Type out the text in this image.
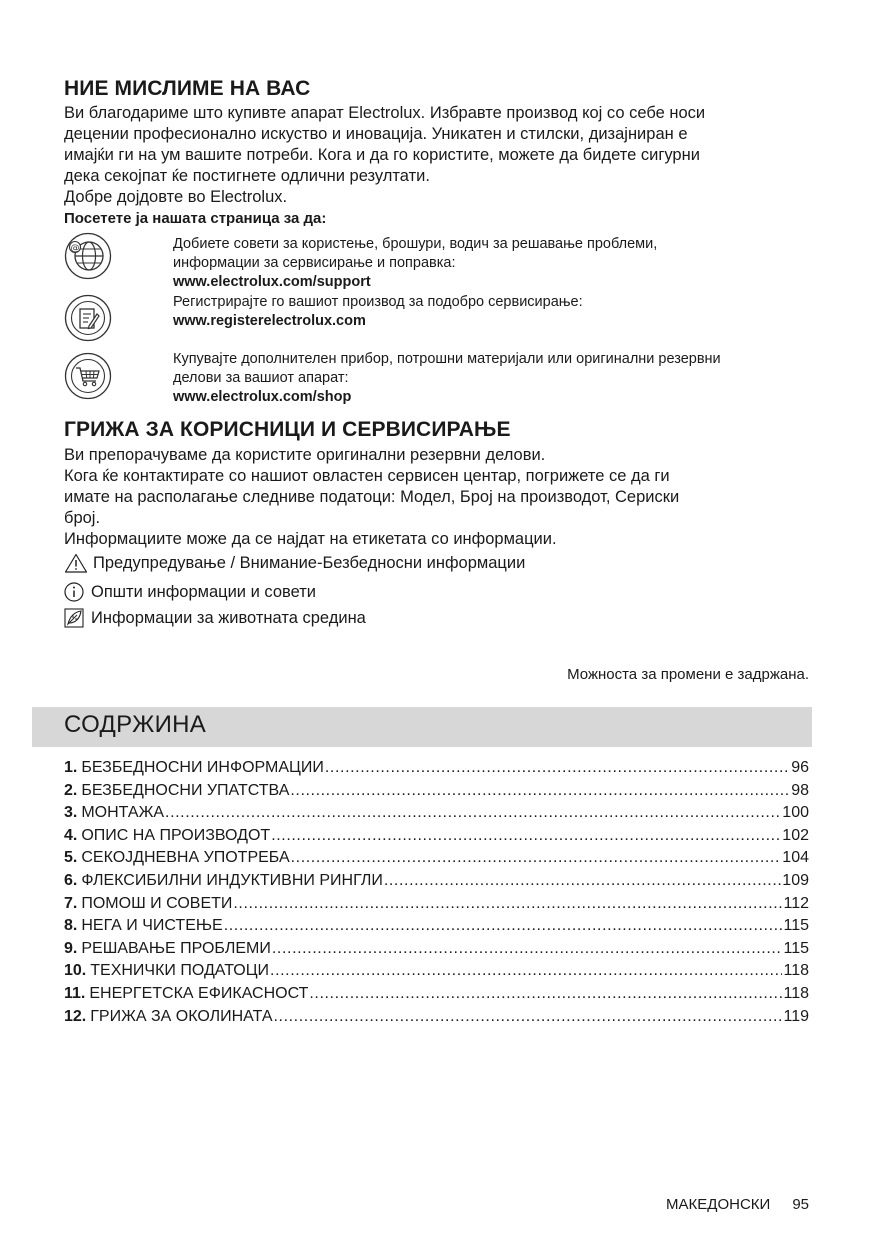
НИЕ МИСЛИМЕ НА ВАС

Ви благодариме што купивте апарат Electrolux. Избравте производ кој со себе носи

децении професионално искуство и иновација. Уникатен и стилски, дизајниран е

имајќи ги на ум вашите потреби. Кога и да го користите, можете да бидете сигурни

дека секојпат ќе постигнете одлични резултати.

Добре дојдовте во Electrolux.

Посетете ја нашата страница за да:

@	Добиете совети за користење, брошури, водич за решавање проблеми,

информации за сервисирање и поправка:

www.electrolux.com/support

Регистрирајте го вашиот производ за подобро сервисирање:

www.registerelectrolux.com

Купувајте дополнителен прибор, потрошни материјали или оригинални резервни

делови за вашиот апарат:

www.electrolux.com/shop

ГРИЖА ЗА КОРИСНИЦИ И СЕРВИСИРАЊЕ

Ви препорачуваме да користите оригинални резервни делови.

Кога ќе контактирате со нашиот овластен сервисен центар, погрижете се да ги

имате на располагање следниве податоци: Модел, Број на производот, Сериски

број.

Информациите може да се најдат на етикетата со информации.

Предупредување / Внимание-Безбедносни информации
Општи информации и совети
Информации за животната средина
Можноста за промени е задржана.
СОДРЖИНА
1. БЕЗБЕДНОСНИ ИНФОРМАЦИИ .....	96
2. БЕЗБЕДНОСНИ УПАТСТВА .....	98
3. МОНТАЖА .....	100
4. ОПИС НА ПРОИЗВОДОТ .....	102
5. СЕКОЈДНЕВНА УПОТРЕБА .....	104
6. ФЛЕКСИБИЛНИ ИНДУКТИВНИ РИНГЛИ .....	109
7. ПОМОШ И СОВЕТИ .....	112
8. НЕГА И ЧИСТЕЊЕ .....	115
9. РЕШАВАЊЕ ПРОБЛЕМИ .....	115
10. ТЕХНИЧКИ ПОДАТОЦИ .....	118
11. ЕНЕРГЕТСКА ЕФИКАСНОСТ .....	118
12. ГРИЖА ЗА ОКОЛИНАТА .....	119
МАКЕДОНСКИ 95
